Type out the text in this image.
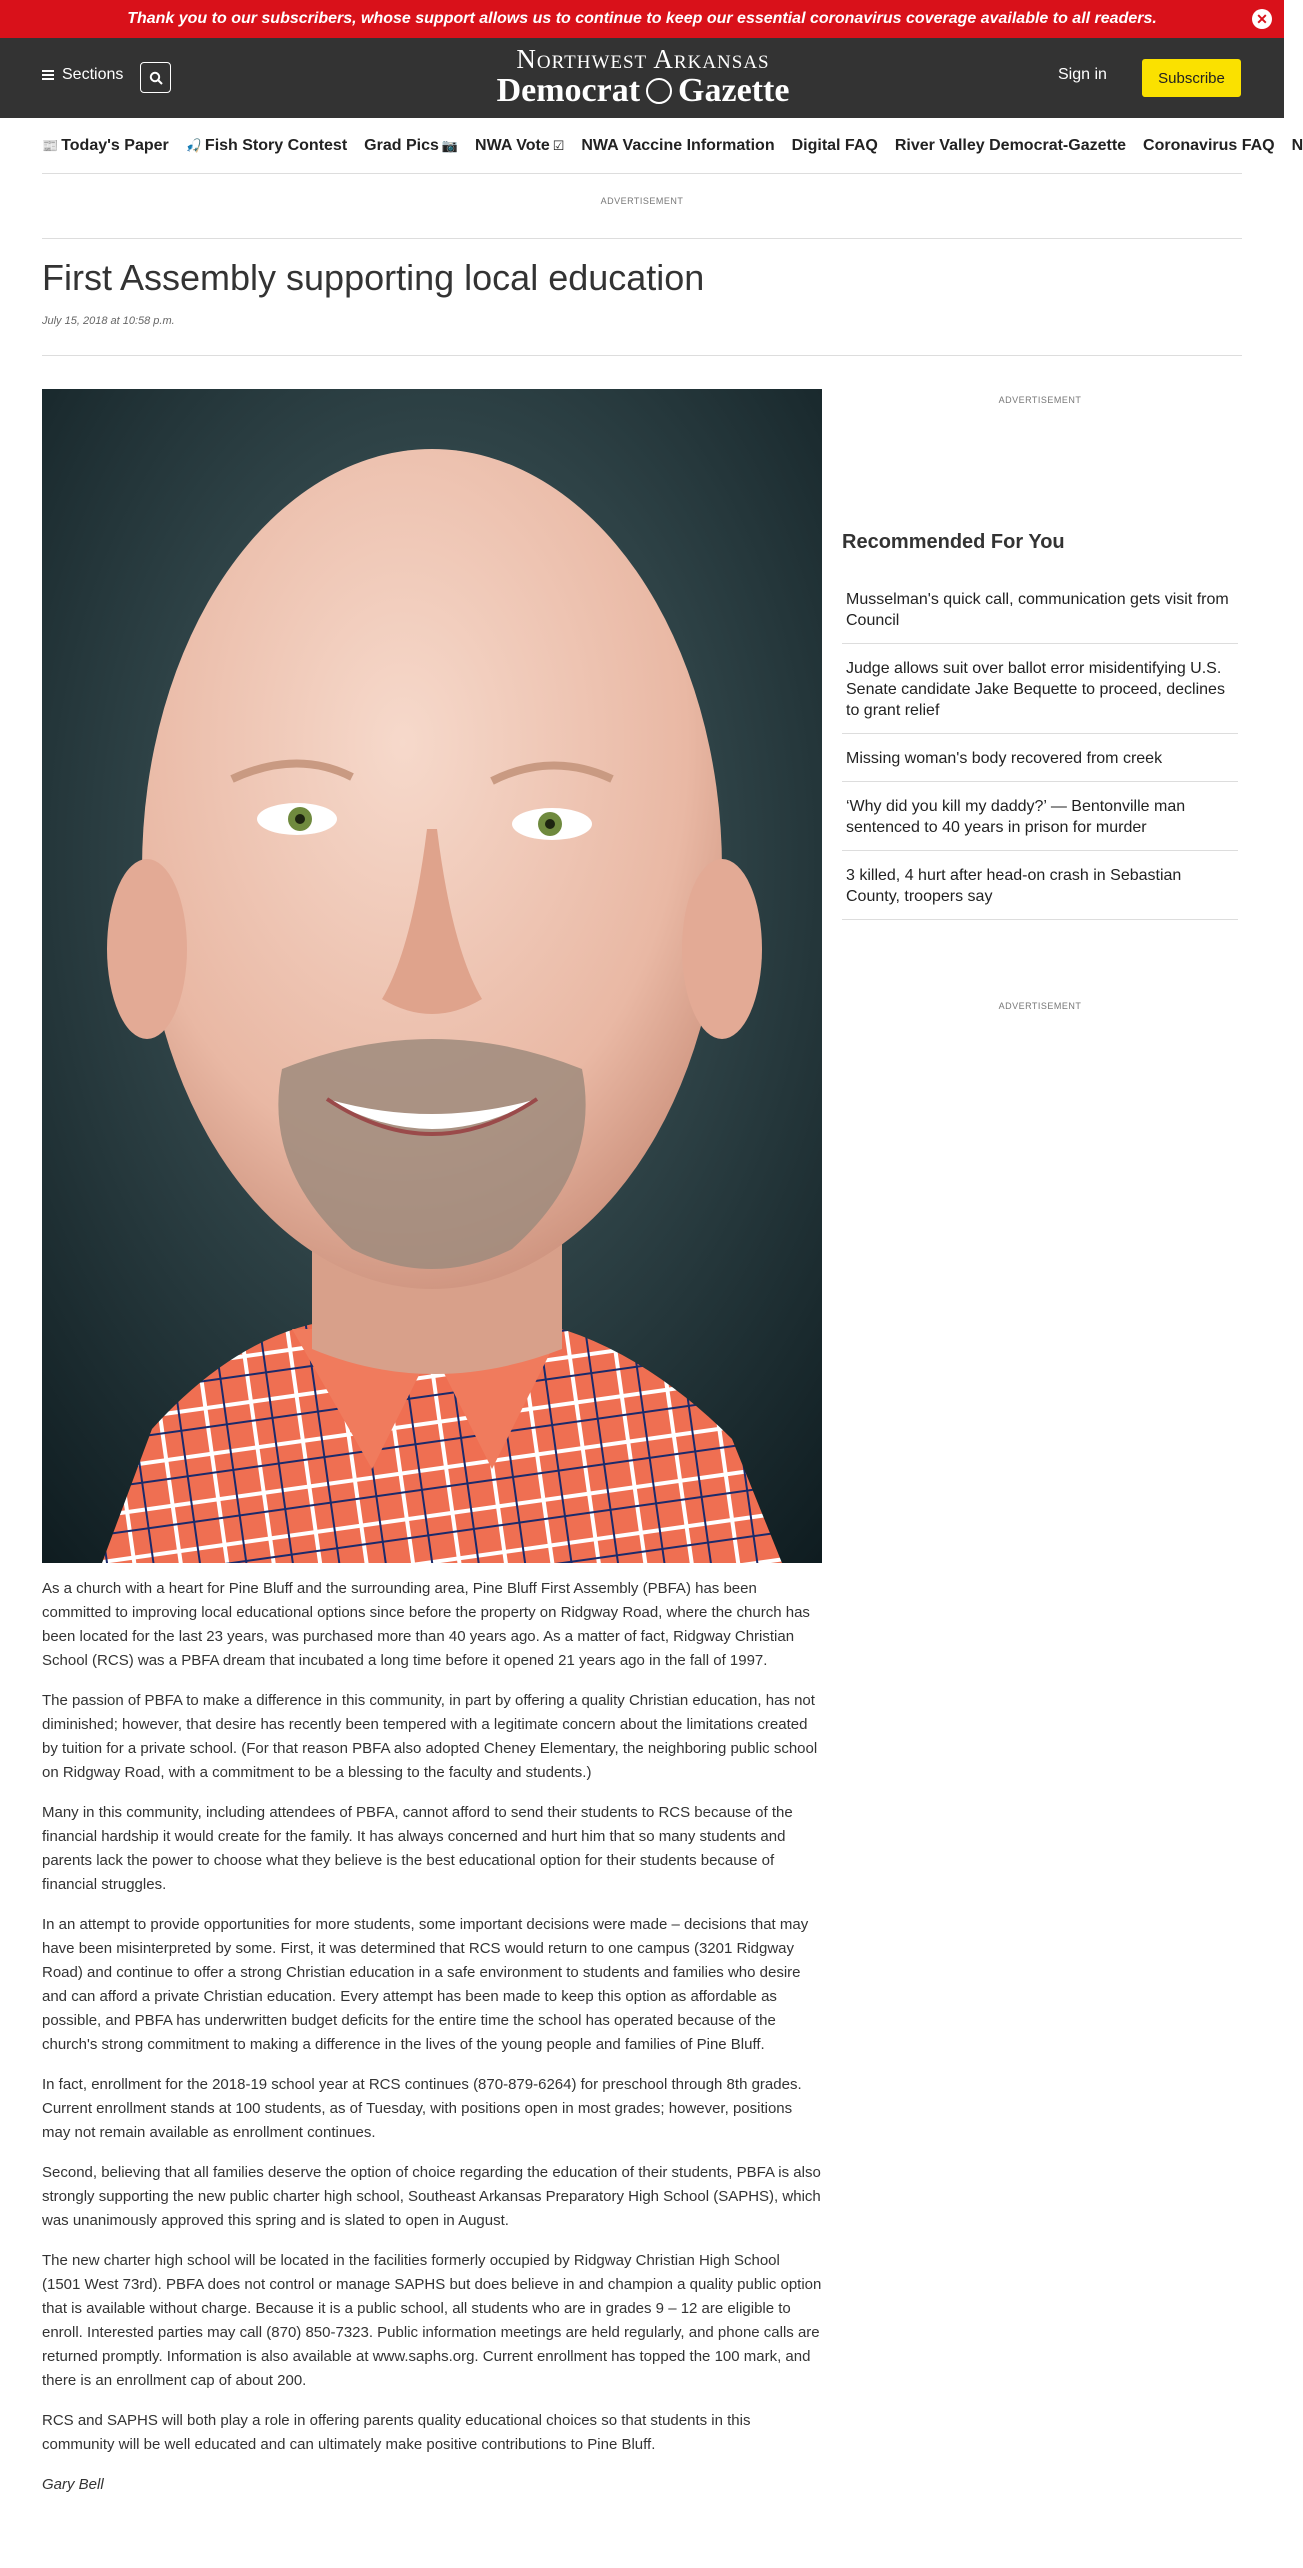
Thank you to our subscribers, whose support allows us to continue to keep our essential coronavirus coverage available to all readers.	✕
Sections
Northwest Arkansas
Democrat Gazette	Sign in	Subscribe
📰 Today's Paper 🎣 Fish Story Contest Grad Pics 📷 NWA Vote ☑ NWA Vaccine Information Digital FAQ River Valley Democrat-Gazette Coronavirus FAQ N
ADVERTISEMENT
First Assembly supporting local education
July 15, 2018 at 10:58 p.m.

As a church with a heart for Pine Bluff and the surrounding area, Pine Bluff First Assembly (PBFA) has been committed to improving local educational options since before the property on Ridgway Road, where the church has been located for the last 23 years, was purchased more than 40 years ago. As a matter of fact, Ridgway Christian School (RCS) was a PBFA dream that incubated a long time before it opened 21 years ago in the fall of 1997.

The passion of PBFA to make a difference in this community, in part by offering a quality Christian education, has not diminished; however, that desire has recently been tempered with a legitimate concern about the limitations created by tuition for a private school. (For that reason PBFA also adopted Cheney Elementary, the neighboring public school on Ridgway Road, with a commitment to be a blessing to the faculty and students.)

Many in this community, including attendees of PBFA, cannot afford to send their students to RCS because of the financial hardship it would create for the family. It has always concerned and hurt him that so many students and parents lack the power to choose what they believe is the best educational option for their students because of financial struggles.

In an attempt to provide opportunities for more students, some important decisions were made – decisions that may have been misinterpreted by some. First, it was determined that RCS would return to one campus (3201 Ridgway Road) and continue to offer a strong Christian education in a safe environment to students and families who desire and can afford a private Christian education. Every attempt has been made to keep this option as affordable as possible, and PBFA has underwritten budget deficits for the entire time the school has operated because of the church's strong commitment to making a difference in the lives of the young people and families of Pine Bluff.

In fact, enrollment for the 2018-19 school year at RCS continues (870-879-6264) for preschool through 8th grades. Current enrollment stands at 100 students, as of Tuesday, with positions open in most grades; however, positions may not remain available as enrollment continues.

Second, believing that all families deserve the option of choice regarding the education of their students, PBFA is also strongly supporting the new public charter high school, Southeast Arkansas Preparatory High School (SAPHS), which was unanimously approved this spring and is slated to open in August.

The new charter high school will be located in the facilities formerly occupied by Ridgway Christian High School (1501 West 73rd). PBFA does not control or manage SAPHS but does believe in and champion a quality public option that is available without charge. Because it is a public school, all students who are in grades 9 – 12 are eligible to enroll. Interested parties may call (870) 850-7323. Public information meetings are held regularly, and phone calls are returned promptly. Information is also available at www.saphs.org. Current enrollment has topped the 100 mark, and there is an enrollment cap of about 200.

RCS and SAPHS will both play a role in offering parents quality educational choices so that students in this community will be well educated and can ultimately make positive contributions to Pine Bluff.

Gary Bell

ADVERTISEMENT
Recommended For You
Musselman's quick call, communication gets visit from Council
Judge allows suit over ballot error misidentifying U.S. Senate candidate Jake Bequette to proceed, declines to grant relief
Missing woman's body recovered from creek
‘Why did you kill my daddy?’ — Bentonville man sentenced to 40 years in prison for murder
3 killed, 4 hurt after head-on crash in Sebastian County, troopers say
ADVERTISEMENT
